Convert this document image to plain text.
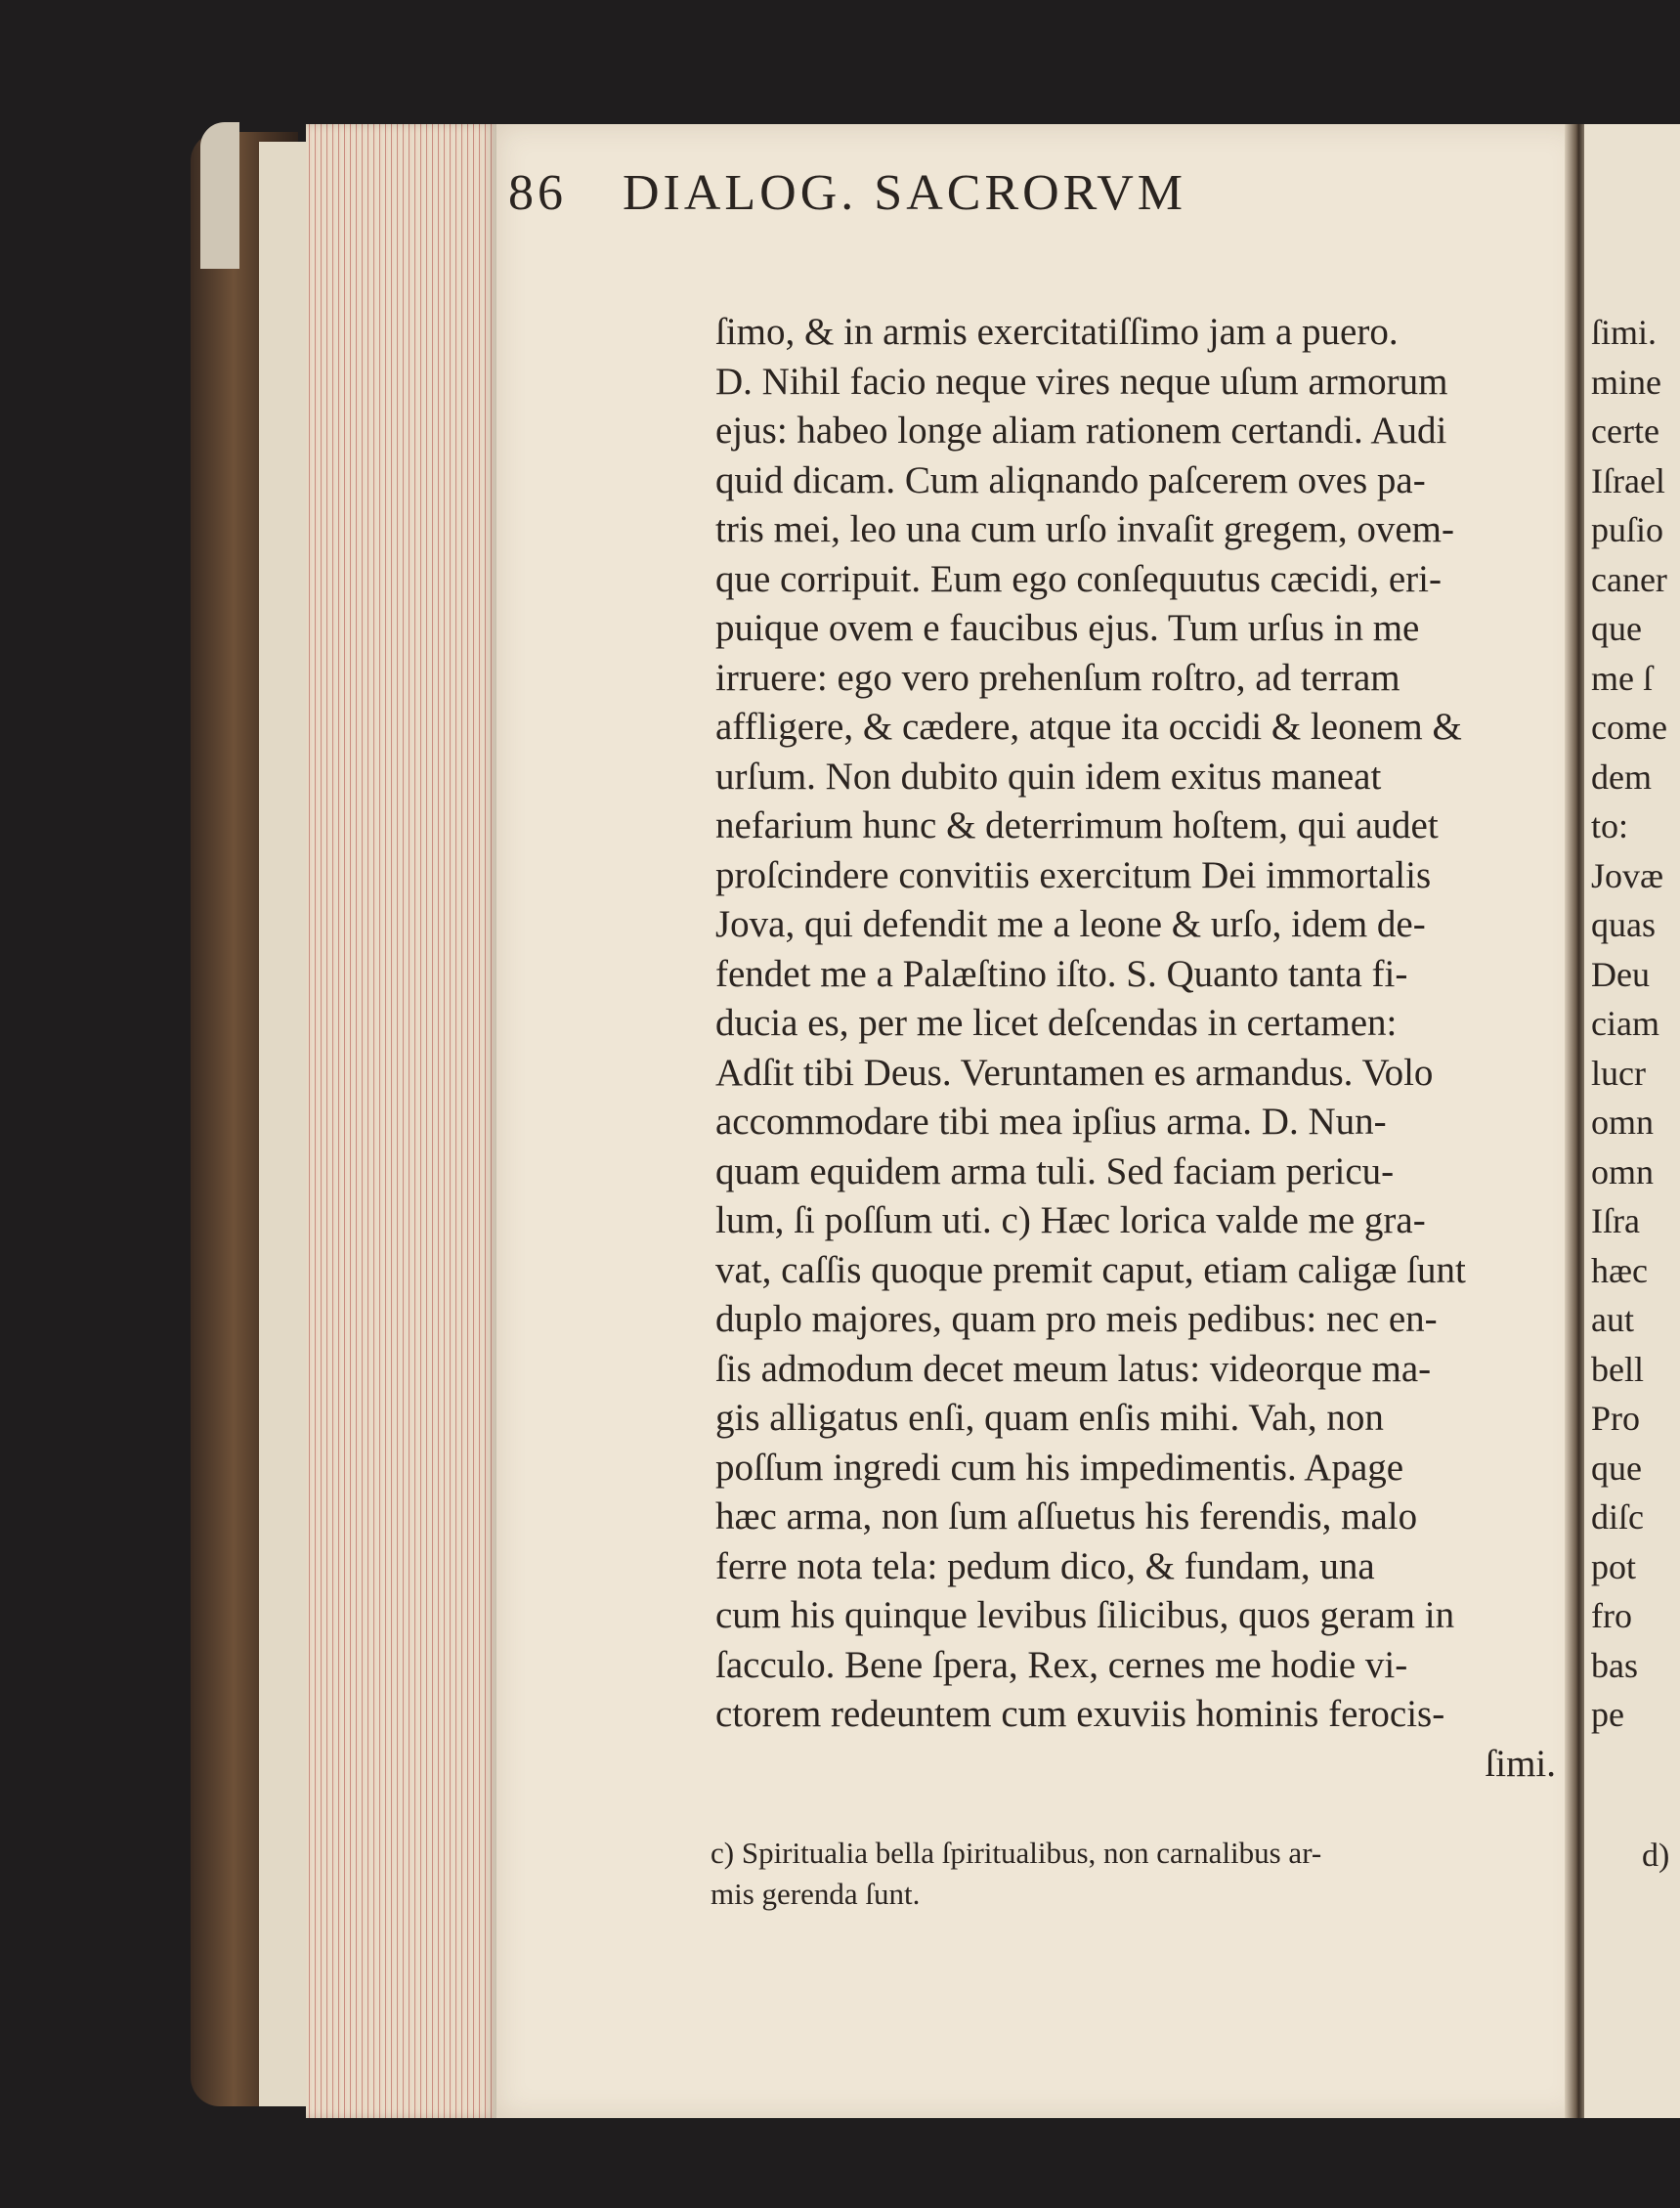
86 DIALOG. SACRORVM
ſimo, & in armis exercitatiſſimo jam a puero.
D. Nihil facio neque vires neque uſum armorum
ejus: habeo longe aliam rationem certandi. Audi
quid dicam. Cum aliqnando paſcerem oves pa-
tris mei, leo una cum urſo invaſit gregem, ovem-
que corripuit. Eum ego conſequutus cæcidi, eri-
puique ovem e faucibus ejus. Tum urſus in me
irruere: ego vero prehenſum roſtro, ad terram
affligere, & cædere, atque ita occidi & leonem &
urſum. Non dubito quin idem exitus maneat
nefarium hunc & deterrimum hoſtem, qui audet
proſcindere convitiis exercitum Dei immortalis
Jova, qui defendit me a leone & urſo, idem de-
fendet me a Palæſtino iſto. S. Quanto tanta fi-
ducia es, per me licet deſcendas in certamen:
Adſit tibi Deus. Veruntamen es armandus. Volo
accommodare tibi mea ipſius arma. D. Nun-
quam equidem arma tuli. Sed faciam pericu-
lum, ſi poſſum uti. c) Hæc lorica valde me gra-
vat, caſſis quoque premit caput, etiam caligæ ſunt
duplo majores, quam pro meis pedibus: nec en-
ſis admodum decet meum latus: videorque ma-
gis alligatus enſi, quam enſis mihi. Vah, non
poſſum ingredi cum his impedimentis. Apage
hæc arma, non ſum aſſuetus his ferendis, malo
ferre nota tela: pedum dico, & fundam, una
cum his quinque levibus ſilicibus, quos geram in
ſacculo. Bene ſpera, Rex, cernes me hodie vi-
ctorem redeuntem cum exuviis hominis ferocis-
ſimi.
c) Spiritualia bella ſpiritualibus, non carnalibus ar-
mis gerenda ſunt.
ſimi.
mine
certe
Iſrael
puſio
caner
que
me ſ
come
dem
to:
Jovæ
quas
Deu
ciam
lucr
omn
omn
Iſra
hæc
aut
bell
Pro
que
diſc
pot
fro
bas
pe
d)
